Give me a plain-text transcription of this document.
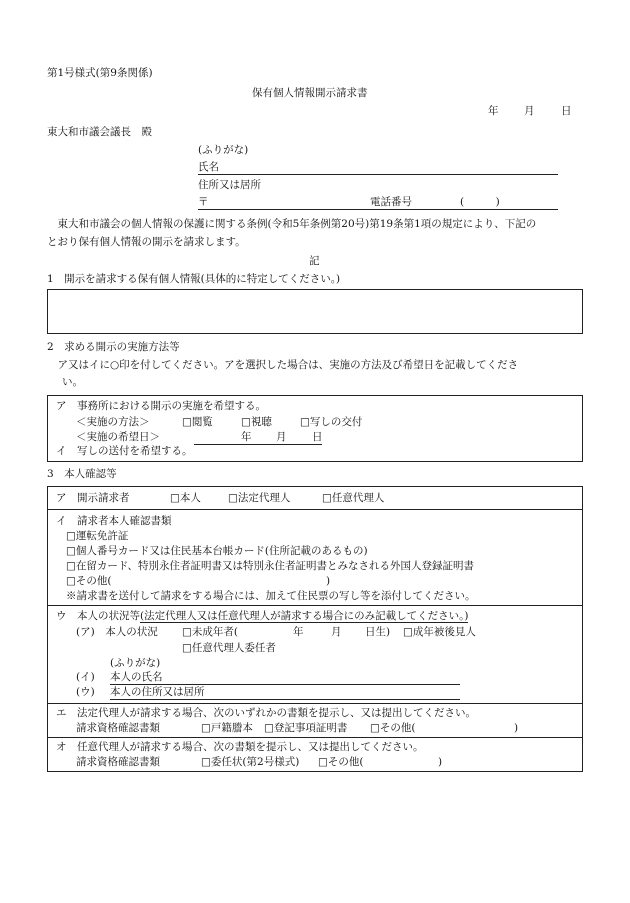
第1号様式(第9条関係)
保有個人情報開示請求書
年 月	日
東大和市議会議長　殿
(ふりがな)
氏名
住所又は居所
〒	電話番号	(　　　)
　東大和市議会の個人情報の保護に関する条例(令和5年条例第20号)第19条第1項の規定により、下記の
とおり保有個人情報の開示を請求します。
記
1　開示を請求する保有個人情報(具体的に特定してください。)
2　求める開示の実施方法等
　ア又はイに○印を付してください。アを選択した場合は、実施の方法及び希望日を記載してくださ
い。
ア　事務所における開示の実施を希望する。
＜実施の方法＞	□閲覧	□視聴	□写しの交付
＜実施の希望日＞	年 月 日
イ　写しの送付を希望する。
3　本人確認等
ア　開示請求者	□本人	□法定代理人	□任意代理人
イ　請求者本人確認書類
□運転免許証
□個人番号カード又は住民基本台帳カード(住所記載のあるもの)
□在留カード、特別永住者証明書又は特別永住者証明書とみなされる外国人登録証明書
□その他(	)
※請求書を送付して請求をする場合には、加えて住民票の写し等を添付してください。
ウ　本人の状況等(法定代理人又は任意代理人が請求する場合にのみ記載してください。)
(ア)　本人の状況 □未成年者(	年	月 日生) □成年被後見人
□任意代理人委任者
(ふりがな)
(イ) 本人の氏名
(ウ) 本人の住所又は居所
エ　法定代理人が請求する場合、次のいずれかの書類を提示し、又は提出してください。
請求資格確認書類	□戸籍謄本 □登記事項証明書 □その他(	)
オ　任意代理人が請求する場合、次の書類を提示し、又は提出してください。
請求資格確認書類	□委任状(第2号様式) □その他(	)
